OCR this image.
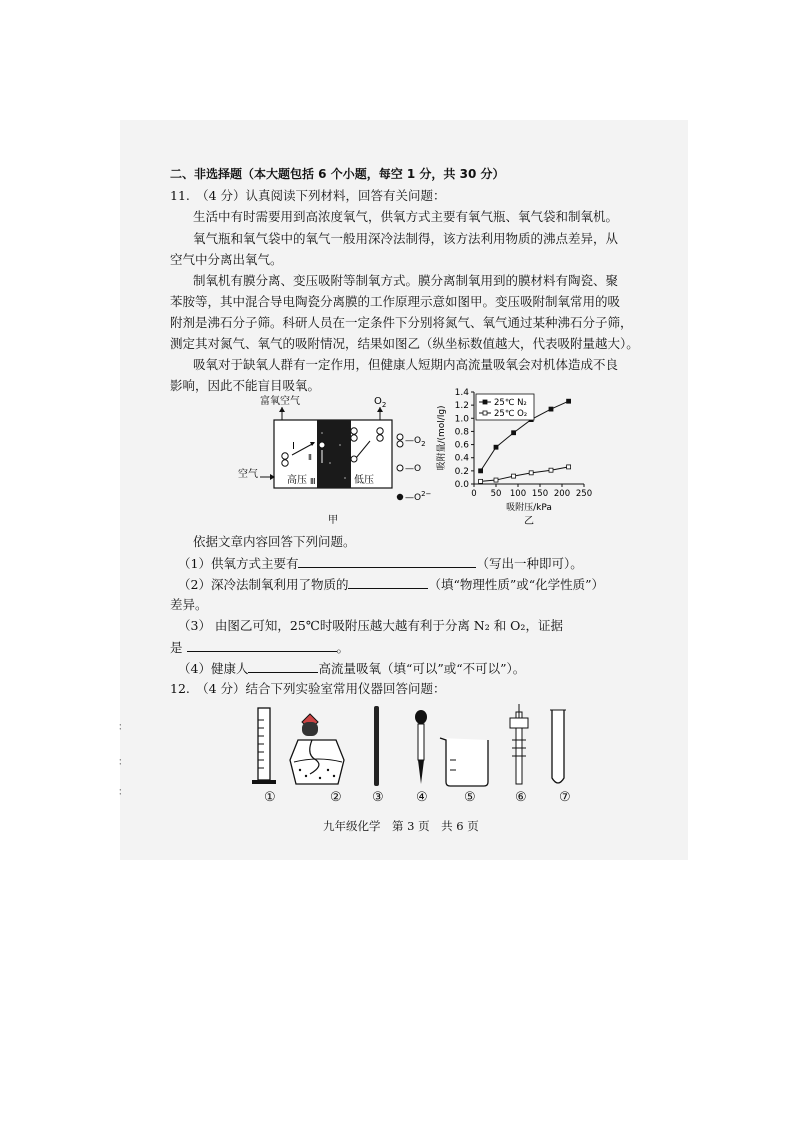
二、非选择题（本大题包括 6 个小题，每空 1 分，共 30 分）
11.　（4 分）认真阅读下列材料，回答有关问题：
生活中有时需要用到高浓度氧气，供氧方式主要有氧气瓶、氧气袋和制氧机。
氧气瓶和氧气袋中的氧气一般用深冷法制得，该方法利用物质的沸点差异，从
空气中分离出氧气。
制氧机有膜分离、变压吸附等制氧方式。膜分离制氧用到的膜材料有陶瓷、聚
苯胺等，其中混合导电陶瓷分离膜的工作原理示意如图甲。变压吸附制氧常用的吸
附剂是沸石分子筛。科研人员在一定条件下分别将氮气、氧气通过某种沸石分子筛，
测定其对氮气、氧气的吸附情况，结果如图乙（纵坐标数值越大，代表吸附量越大）。
吸氧对于缺氧人群有一定作用，但健康人短期内高流量吸氧会对机体造成不良
影响，因此不能盲目吸氧。
富氧空气	$O_2$
Ⅰ
Ⅱ
Ⅲ
高压	低压
空气
$—O_2$
—O
$—O^{2-}$
甲
吸附量/(mol/lg)
吸附压/kPa
乙
0.0
0.2
0.4
0.6
0.8
1.0
1.2
1.4
0 50 100 150 200 250
25℃ N₂
25℃ O₂
依据文章内容回答下列问题。
（1）供氧方式主要有	（写出一种即可）。
（2）深冷法制氧利用了物质的	（填“物理性质”或“化学性质”）
差异。
（3） 由图乙可知，25℃时吸附压越大越有利于分离 N₂ 和 O₂，证据
是	。
（4）健康人	高流量吸氧（填“可以”或“不可以”）。
12.　（4 分）结合下列实验室常用仪器回答问题：
①	② ③ ④	⑤	⑥ ⑦
九年级化学　第 3 页　共 6 页
：
：
：
